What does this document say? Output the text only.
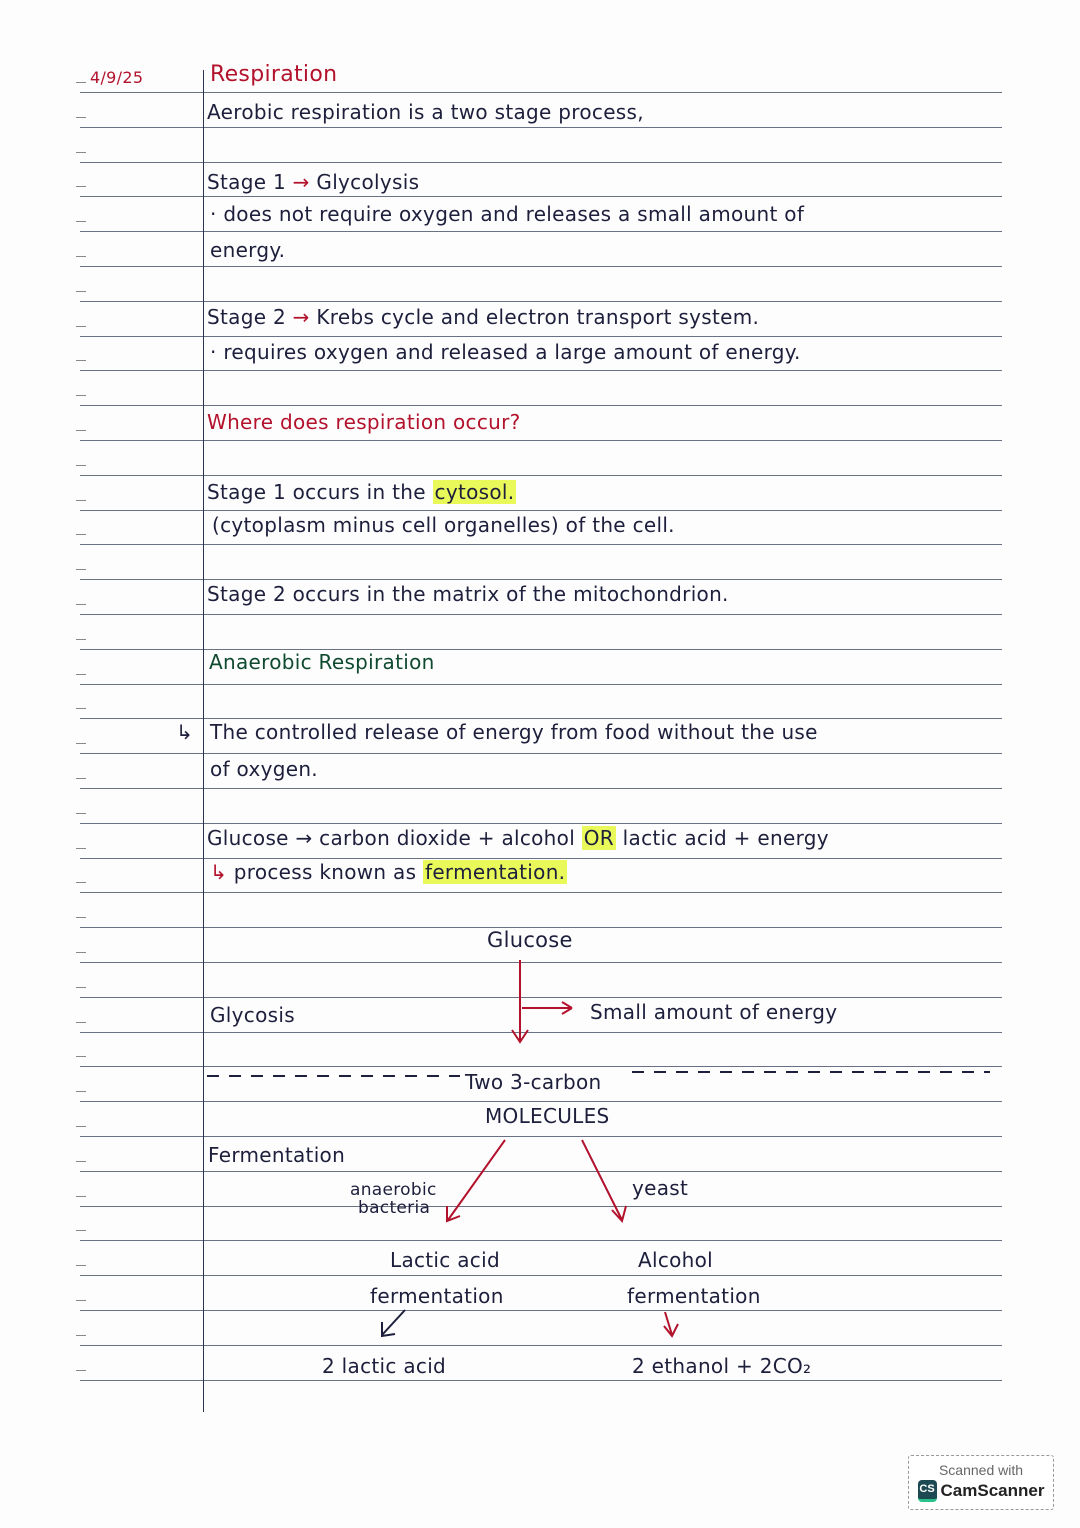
4/9/25	Respiration
Aerobic respiration is a two stage process,
Stage 1 → Glycolysis
· does not require oxygen and releases a small amount of
energy.
Stage 2 → Krebs cycle and electron transport system.
· requires oxygen and released a large amount of energy.
Where does respiration occur?
Stage 1 occurs in the cytosol.
(cytoplasm minus cell organelles) of the cell.
Stage 2 occurs in the matrix of the mitochondrion.
Anaerobic Respiration
↳ The controlled release of energy from food without the use
of oxygen.
Glucose → carbon dioxide + alcohol OR lactic acid + energy
↳ process known as fermentation.
Glucose
Glycosis	Small amount of energy
Two 3-carbon
MOLECULES
Fermentation
anaerobic
bacteria
yeast
Lactic acid
fermentation
Alcohol
fermentation
2 lactic acid	2 ethanol + 2CO₂
Scanned with
CS CamScanner
